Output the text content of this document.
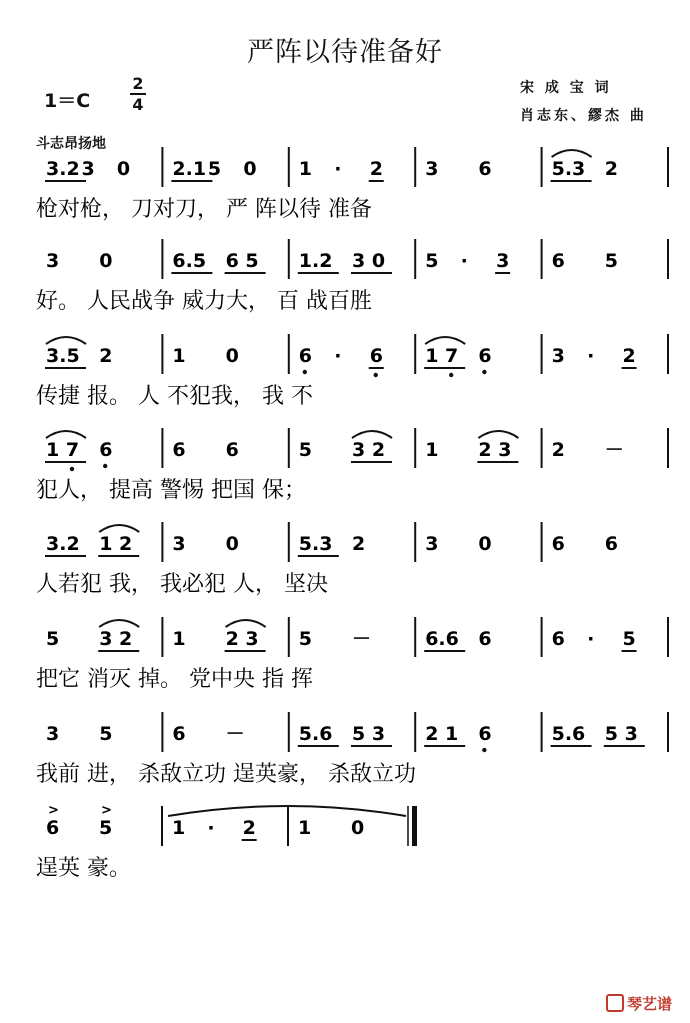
严阵以待准备好
1＝C
2
4
宋 成 宝 词
肖志东、繆杰 曲
斗志昂扬地
3.2 3 0 2.1 5 0 1 · 2 3 6	5.3 2
枪对枪， 刀对刀， 严 阵以待 准备
3 0	6.5 6 5 1.2 3 0 5 · 3 6 5
好。 人民战争 威力大， 百 战百胜
3.5 2	1 0	6 · 6 1 7 6	3 · 2
传捷 报。 人 不犯我， 我 不
1 7 6	6 6	5 3 2 1 2 3 2 －
犯人， 提高 警惕 把国 保；
3.2 1 2 3 0	5.3 2	3 0	6 6
人若犯 我， 我必犯 人， 坚决
5 3 2 1 2 3 5 －	6.6 6	6 · 5
把它 消灭 掉。 党中央 指 挥
3 5	6 －	5.6 5 3 2 1 6	5.6 5 3
我前 进， 杀敌立功 逞英豪， 杀敌立功
6
>
5
>
1 · 2 1 0
逞英 豪。
琴艺谱
